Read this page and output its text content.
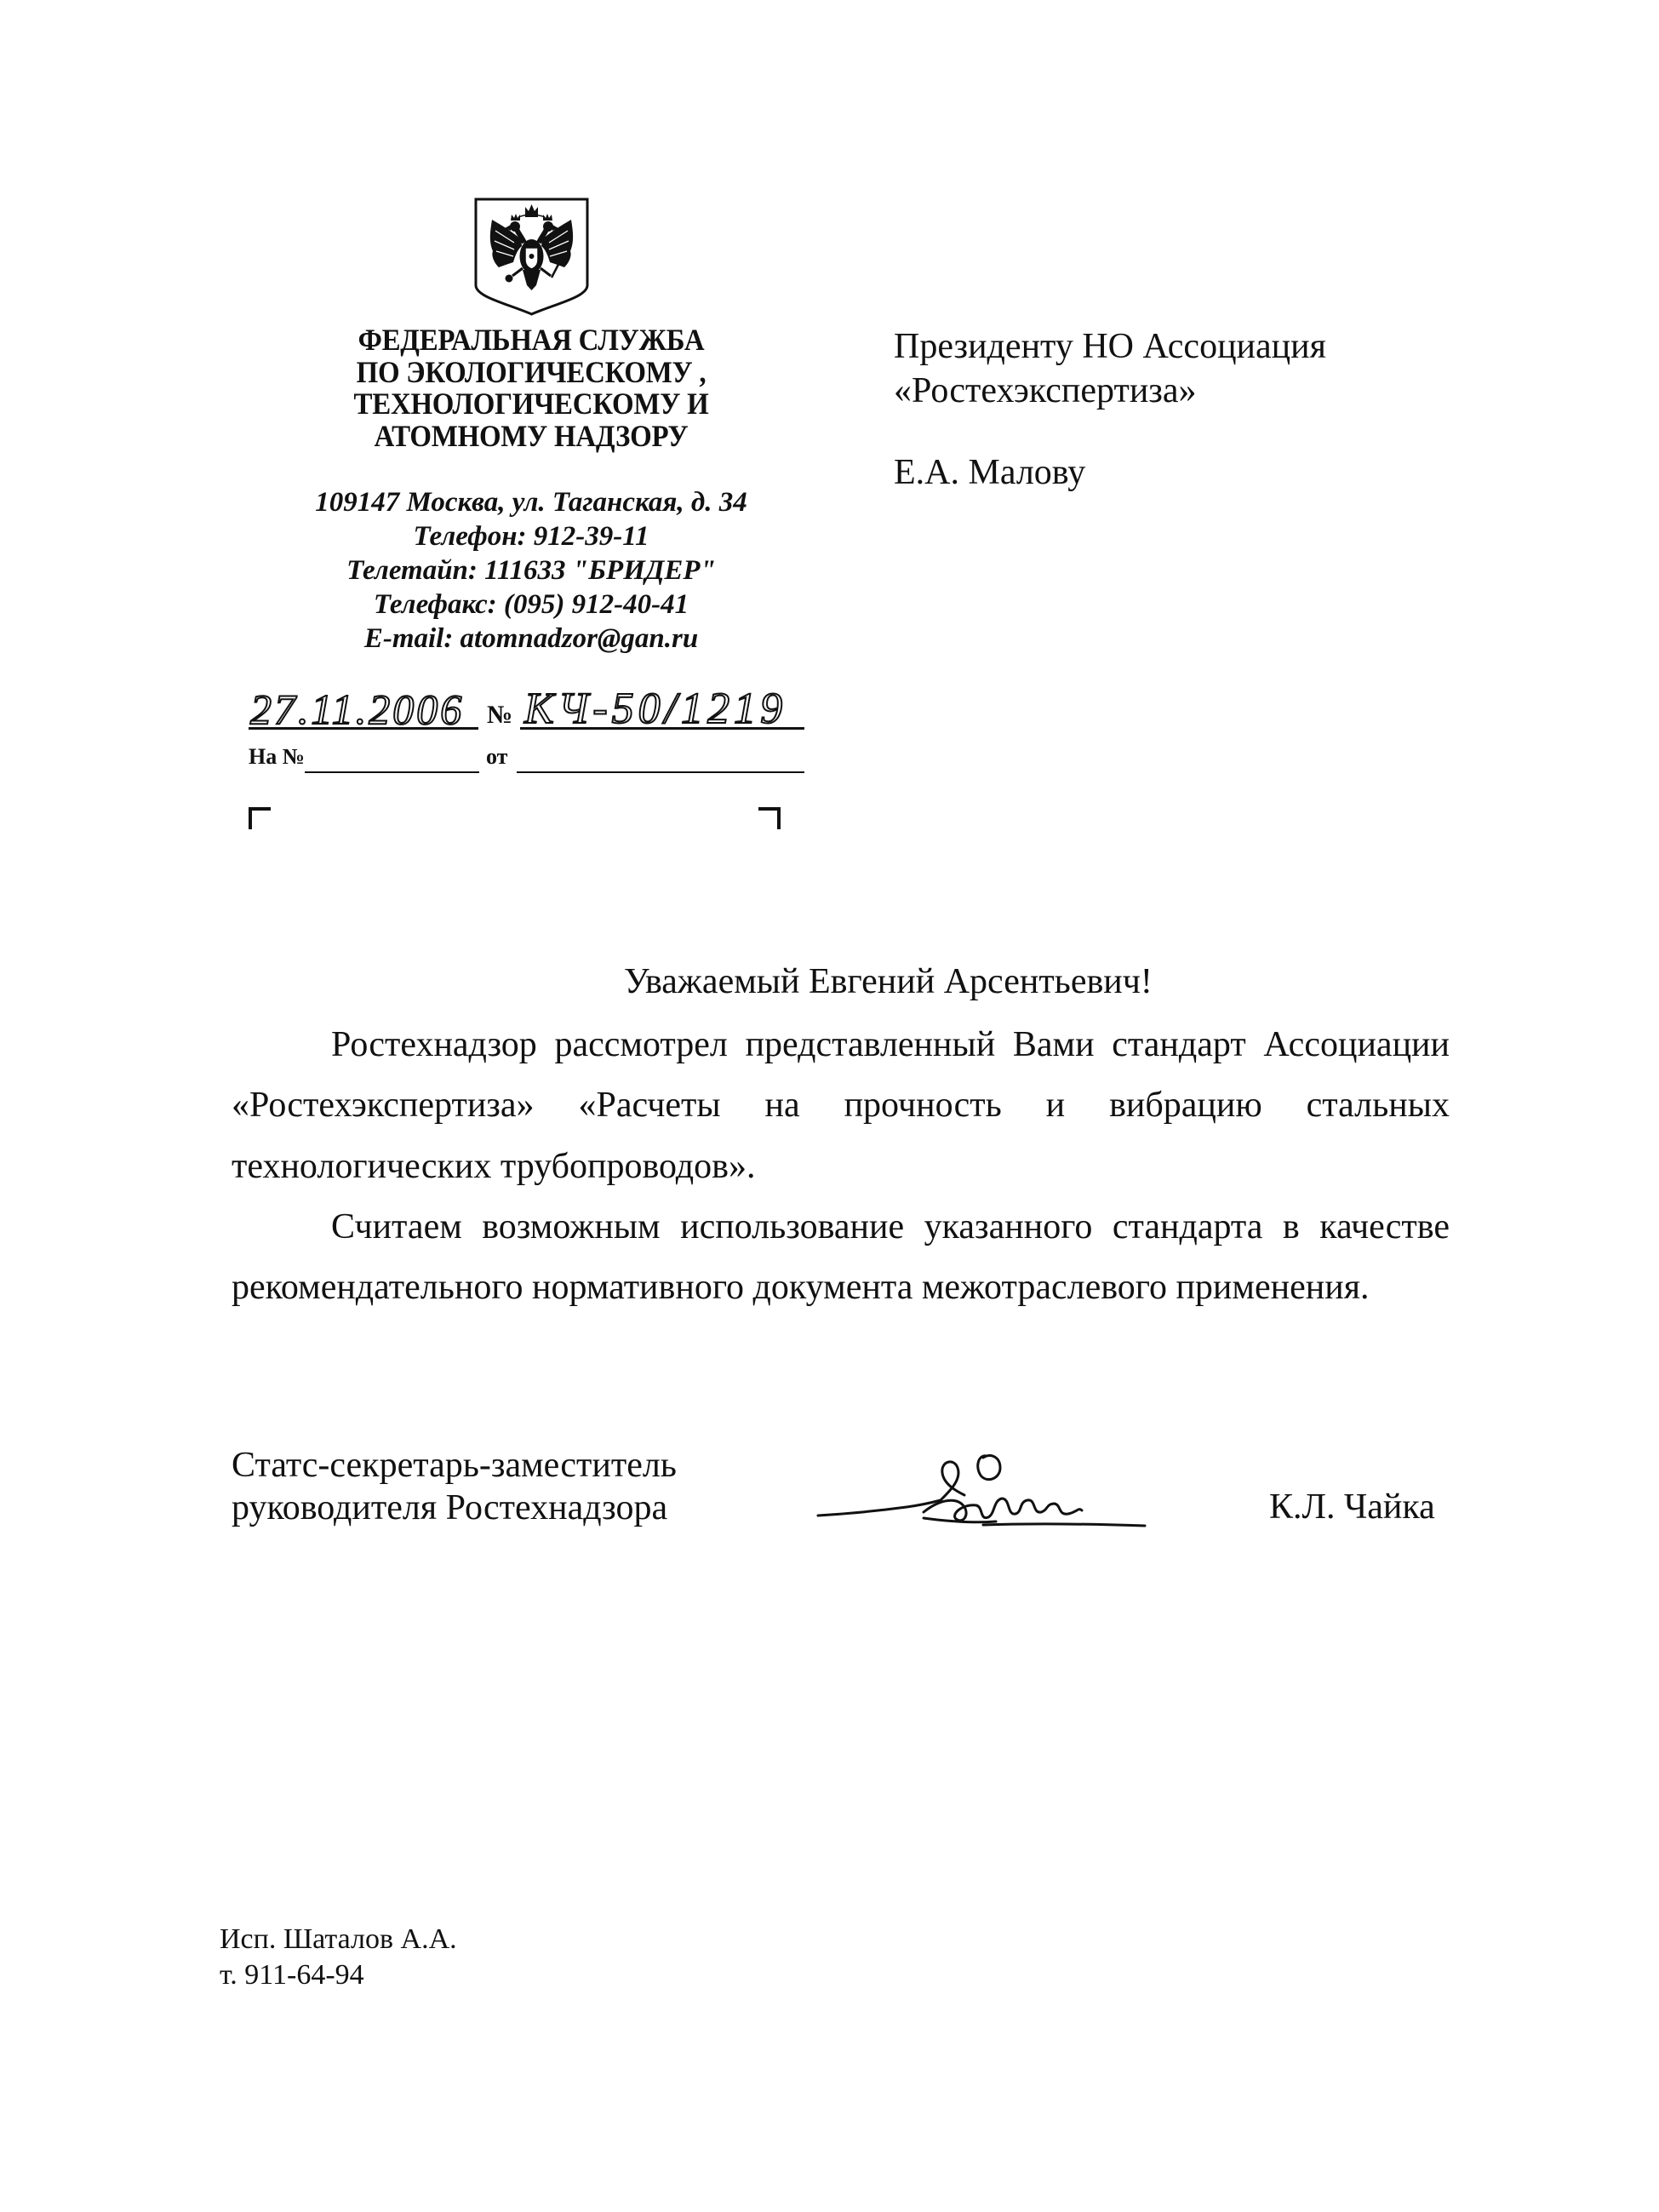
ФЕДЕРАЛЬНАЯ СЛУЖБА
ПО ЭКОЛОГИЧЕСКОМУ ,
ТЕХНОЛОГИЧЕСКОМУ И
АТОМНОМУ НАДЗОРУ
109147 Москва, ул. Таганская, д. 34
Телефон: 912-39-11
Телетайп: 111633 "БРИДЕР"
Телефакс: (095) 912-40-41
E-mail: atomnadzor@gan.ru
27.11.2006 № КЧ-50/1219
На №	от
Президенту НО Ассоциация
«Ростехэкспертиза»
Е.А. Малову
Уважаемый Евгений Арсентьевич!
Ростехнадзор рассмотрел представленный Вами стандарт Ассоциации
«Ростехэкспертиза» «Расчеты на прочность и вибрацию стальных
технологических трубопроводов».
Считаем возможным использование указанного стандарта в качестве
рекомендательного нормативного документа межотраслевого применения.
Статс-секретарь-заместитель
руководителя Ростехнадзора	К.Л. Чайка
Исп. Шаталов А.А.
т. 911-64-94
